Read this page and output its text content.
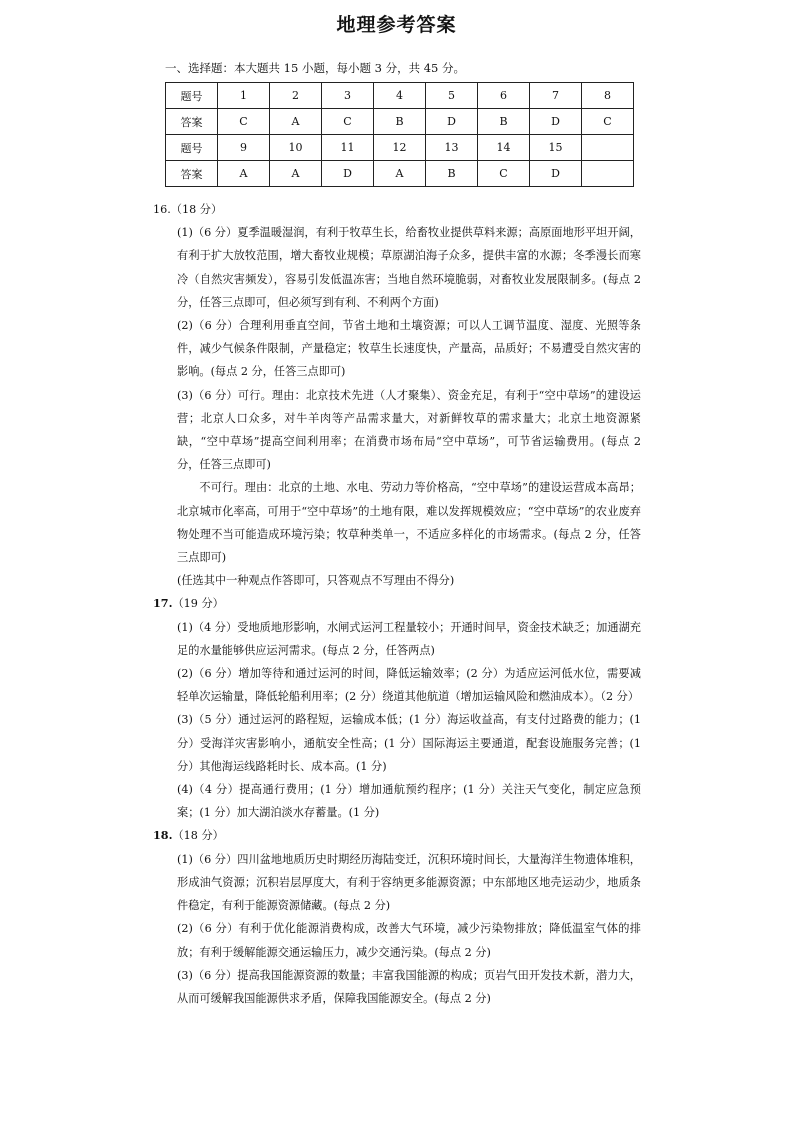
地理参考答案
一、选择题：本大题共 15 小题，每小题 3 分，共 45 分。
题号	1	2	3	4	5	6	7	8
答案	C	A	C	B	D	B	D	C
题号	9	10	11	12	13	14	15	
答案	A	A	D	A	B	C	D	
16.（18 分）
(1)（6 分）夏季温暖湿润，有利于牧草生长，给畜牧业提供草料来源；高原面地形平坦开阔，有利于扩大放牧范围，增大畜牧业规模；草原湖泊海子众多，提供丰富的水源；冬季漫长而寒冷（自然灾害频发），容易引发低温冻害；当地自然环境脆弱，对畜牧业发展限制多。(每点 2 分，任答三点即可，但必须写到有利、不利两个方面)
(2)（6 分）合理利用垂直空间，节省土地和土壤资源；可以人工调节温度、湿度、光照等条件，减少气候条件限制，产量稳定；牧草生长速度快，产量高，品质好；不易遭受自然灾害的影响。(每点 2 分，任答三点即可)
(3)（6 分）可行。理由：北京技术先进（人才聚集）、资金充足，有利于“空中草场”的建设运营；北京人口众多，对牛羊肉等产品需求量大，对新鲜牧草的需求量大；北京土地资源紧缺，“空中草场”提高空间利用率；在消费市场布局“空中草场”，可节省运输费用。(每点 2 分，任答三点即可)
不可行。理由：北京的土地、水电、劳动力等价格高，“空中草场”的建设运营成本高昂；北京城市化率高，可用于“空中草场”的土地有限，难以发挥规模效应；“空中草场”的农业废弃物处理不当可能造成环境污染；牧草种类单一，不适应多样化的市场需求。(每点 2 分，任答三点即可)
(任选其中一种观点作答即可，只答观点不写理由不得分)
17.（19 分）
(1)（4 分）受地质地形影响，水闸式运河工程量较小；开通时间早，资金技术缺乏；加通湖充足的水量能够供应运河需求。(每点 2 分，任答两点)
(2)（6 分）增加等待和通过运河的时间，降低运输效率；(2 分）为适应运河低水位，需要减轻单次运输量，降低轮船利用率；(2 分）绕道其他航道（增加运输风险和燃油成本）。（2 分）
(3)（5 分）通过运河的路程短，运输成本低；(1 分）海运收益高，有支付过路费的能力；(1 分）受海洋灾害影响小，通航安全性高；(1 分）国际海运主要通道，配套设施服务完善；(1 分）其他海运线路耗时长、成本高。(1 分)
(4)（4 分）提高通行费用；(1 分）增加通航预约程序；(1 分）关注天气变化，制定应急预案；(1 分）加大湖泊淡水存蓄量。(1 分)
18.（18 分）
(1)（6 分）四川盆地地质历史时期经历海陆变迁，沉积环境时间长，大量海洋生物遗体堆积，形成油气资源；沉积岩层厚度大，有利于容纳更多能源资源；中东部地区地壳运动少，地质条件稳定，有利于能源资源储藏。(每点 2 分)
(2)（6 分）有利于优化能源消费构成，改善大气环境，减少污染物排放；降低温室气体的排放；有利于缓解能源交通运输压力，减少交通污染。(每点 2 分)
(3)（6 分）提高我国能源资源的数量；丰富我国能源的构成；页岩气田开发技术新，潜力大，从而可缓解我国能源供求矛盾，保障我国能源安全。(每点 2 分)
